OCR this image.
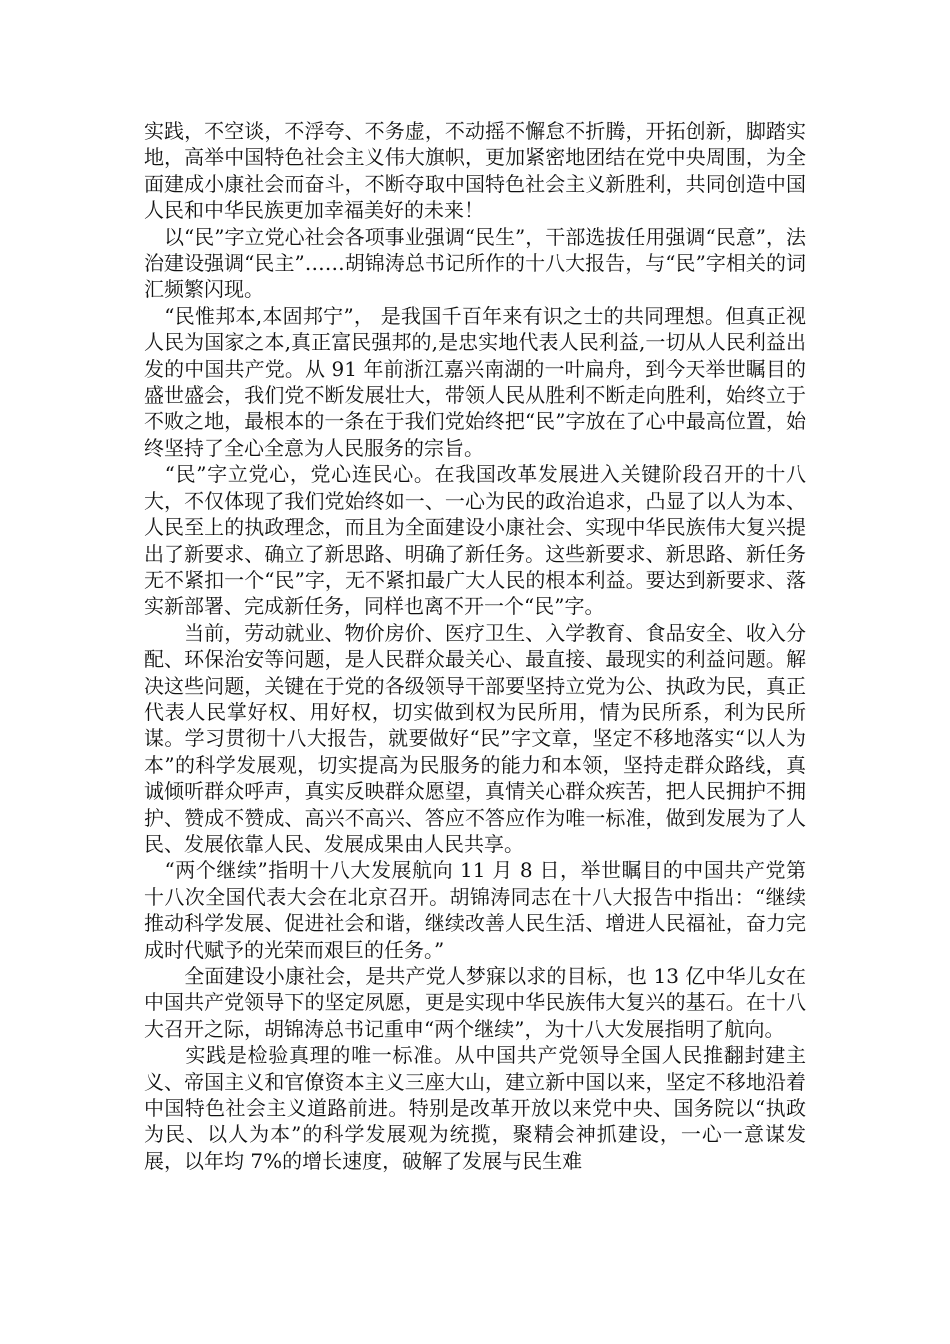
实践，不空谈，不浮夸、不务虚，不动摇不懈怠不折腾，开拓创新，脚踏实地，高举中国特色社会主义伟大旗帜，更加紧密地团结在党中央周围，为全面建成小康社会而奋斗，不断夺取中国特色社会主义新胜利，共同创造中国人民和中华民族更加幸福美好的未来！

　以“民”字立党心社会各项事业强调“民生”，干部选拔任用强调“民意”，法治建设强调“民主”……胡锦涛总书记所作的十八大报告，与“民”字相关的词汇频繁闪现。

　“民惟邦本,本固邦宁”， 是我国千百年来有识之士的共同理想。但真正视人民为国家之本,真正富民强邦的,是忠实地代表人民利益,一切从人民利益出发的中国共产党。从 91 年前浙江嘉兴南湖的一叶扁舟，到今天举世瞩目的盛世盛会，我们党不断发展壮大，带领人民从胜利不断走向胜利，始终立于不败之地，最根本的一条在于我们党始终把“民”字放在了心中最高位置，始终坚持了全心全意为人民服务的宗旨。

　“民”字立党心，党心连民心。在我国改革发展进入关键阶段召开的十八大，不仅体现了我们党始终如一、一心为民的政治追求，凸显了以人为本、人民至上的执政理念，而且为全面建设小康社会、实现中华民族伟大复兴提出了新要求、确立了新思路、明确了新任务。这些新要求、新思路、新任务无不紧扣一个“民”字，无不紧扣最广大人民的根本利益。要达到新要求、落实新部署、完成新任务，同样也离不开一个“民”字。

　　当前，劳动就业、物价房价、医疗卫生、入学教育、食品安全、收入分配、环保治安等问题，是人民群众最关心、最直接、最现实的利益问题。解决这些问题，关键在于党的各级领导干部要坚持立党为公、执政为民，真正代表人民掌好权、用好权，切实做到权为民所用，情为民所系，利为民所谋。学习贯彻十八大报告，就要做好“民”字文章，坚定不移地落实“以人为本”的科学发展观，切实提高为民服务的能力和本领，坚持走群众路线，真诚倾听群众呼声，真实反映群众愿望，真情关心群众疾苦，把人民拥护不拥护、赞成不赞成、高兴不高兴、答应不答应作为唯一标准，做到发展为了人民、发展依靠人民、发展成果由人民共享。

　“两个继续”指明十八大发展航向 11 月 8 日，举世瞩目的中国共产党第十八次全国代表大会在北京召开。胡锦涛同志在十八大报告中指出：“继续推动科学发展、促进社会和谐，继续改善人民生活、增进人民福祉，奋力完成时代赋予的光荣而艰巨的任务。”

　　全面建设小康社会，是共产党人梦寐以求的目标，也 13 亿中华儿女在中国共产党领导下的坚定夙愿，更是实现中华民族伟大复兴的基石。在十八大召开之际，胡锦涛总书记重申“两个继续”，为十八大发展指明了航向。

　　实践是检验真理的唯一标准。从中国共产党领导全国人民推翻封建主义、帝国主义和官僚资本主义三座大山，建立新中国以来，坚定不移地沿着中国特色社会主义道路前进。特别是改革开放以来党中央、国务院以“执政为民、以人为本”的科学发展观为统揽，聚精会神抓建设，一心一意谋发展，以年均 7%的增长速度，破解了发展与民生难
